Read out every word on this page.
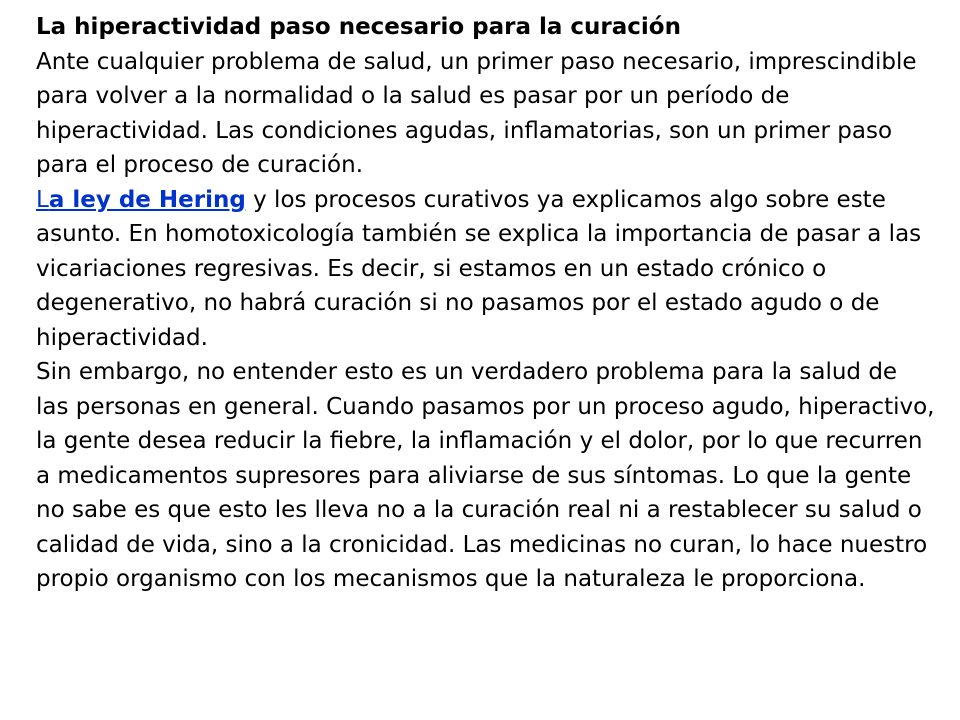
La hiperactividad paso necesario para la curación

Ante cualquier problema de salud, un primer paso necesario, imprescindible para volver a la normalidad o la salud es pasar por un período de hiperactividad. Las condiciones agudas, inflamatorias, son un primer paso para el proceso de curación.

La ley de Hering y los procesos curativos ya explicamos algo sobre este asunto. En homotoxicología también se explica la importancia de pasar a las vicariaciones regresivas. Es decir, si estamos en un estado crónico o degenerativo, no habrá curación si no pasamos por el estado agudo o de hiperactividad.

Sin embargo, no entender esto es un verdadero problema para la salud de las personas en general. Cuando pasamos por un proceso agudo, hiperactivo, la gente desea reducir la fiebre, la inflamación y el dolor, por lo que recurren a medicamentos supresores para aliviarse de sus síntomas. Lo que la gente no sabe es que esto les lleva no a la curación real ni a restablecer su salud o calidad de vida, sino a la cronicidad. Las medicinas no curan, lo hace nuestro propio organismo con los mecanismos que la naturaleza le proporciona.
